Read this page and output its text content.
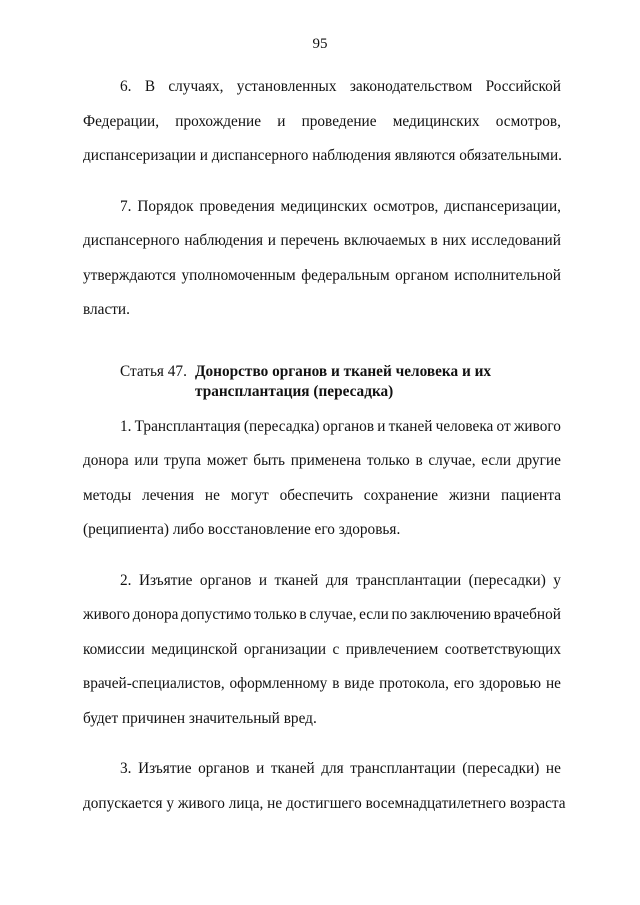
95
6. В случаях, установленных законодательством Российской
Федерации, прохождение и проведение медицинских осмотров,
диспансеризации и диспансерного наблюдения являются обязательными.
7. Порядок проведения медицинских осмотров, диспансеризации,
диспансерного наблюдения и перечень включаемых в них исследований
утверждаются уполномоченным федеральным органом исполнительной
власти.
Статья 47. Донорство органов и тканей человека и их
трансплантация (пересадка)
1. Трансплантация (пересадка) органов и тканей человека от живого
донора или трупа может быть применена только в случае, если другие
методы лечения не могут обеспечить сохранение жизни пациента
(реципиента) либо восстановление его здоровья.
2. Изъятие органов и тканей для трансплантации (пересадки) у
живого донора допустимо только в случае, если по заключению врачебной
комиссии медицинской организации с привлечением соответствующих
врачей-специалистов, оформленному в виде протокола, его здоровью не
будет причинен значительный вред.
3. Изъятие органов и тканей для трансплантации (пересадки) не
допускается у живого лица, не достигшего восемнадцатилетнего возраста
